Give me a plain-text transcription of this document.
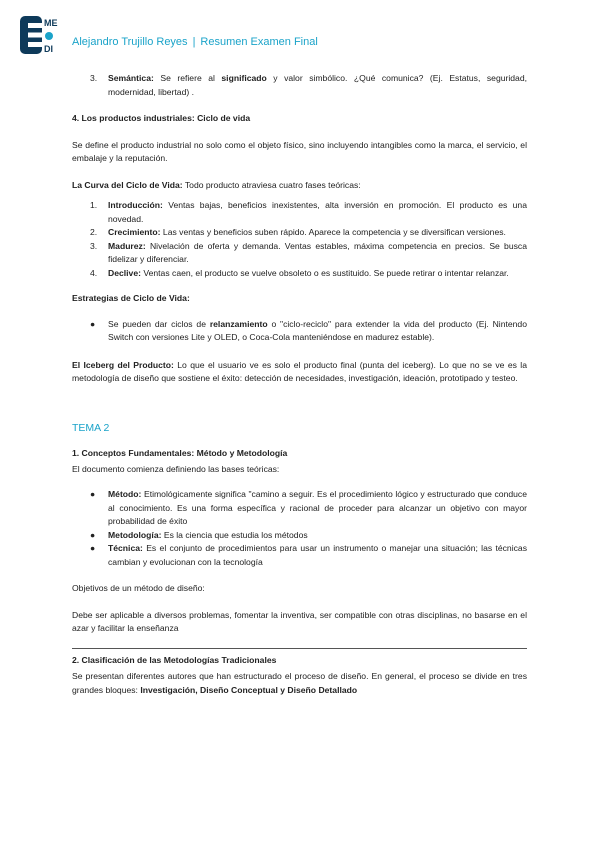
ME
DI
Alejandro Trujillo Reyes | Resumen Examen Final
3.	Semántica: Se refiere al significado y valor simbólico. ¿Qué comunica? (Ej. Estatus, seguridad, modernidad, libertad) .

4. Los productos industriales: Ciclo de vida

Se define el producto industrial no solo como el objeto físico, sino incluyendo intangibles como la marca, el servicio, el embalaje y la reputación.

La Curva del Ciclo de Vida: Todo producto atraviesa cuatro fases teóricas:

1.	Introducción: Ventas bajas, beneficios inexistentes, alta inversión en promoción. El producto es una novedad.
2.	Crecimiento: Las ventas y beneficios suben rápido. Aparece la competencia y se diversifican versiones.
3.	Madurez: Nivelación de oferta y demanda. Ventas estables, máxima competencia en precios. Se busca fidelizar y diferenciar.
4.	Declive: Ventas caen, el producto se vuelve obsoleto o es sustituido. Se puede retirar o intentar relanzar.

Estrategias de Ciclo de Vida:

●	Se pueden dar ciclos de relanzamiento o "ciclo-reciclo" para extender la vida del producto (Ej. Nintendo Switch con versiones Lite y OLED, o Coca-Cola manteniéndose en madurez estable).

El Iceberg del Producto: Lo que el usuario ve es solo el producto final (punta del iceberg). Lo que no se ve es la metodología de diseño que sostiene el éxito: detección de necesidades, investigación, ideación, prototipado y testeo.

TEMA 2

1. Conceptos Fundamentales: Método y Metodología

El documento comienza definiendo las bases teóricas:

●	Método: Etimológicamente significa "camino a seguir. Es el procedimiento lógico y estructurado que conduce al conocimiento. Es una forma específica y racional de proceder para alcanzar un objetivo con mayor probabilidad de éxito
●	Metodología: Es la ciencia que estudia los métodos
●	Técnica: Es el conjunto de procedimientos para usar un instrumento o manejar una situación; las técnicas cambian y evolucionan con la tecnología

Objetivos de un método de diseño:

Debe ser aplicable a diversos problemas, fomentar la inventiva, ser compatible con otras disciplinas, no basarse en el azar y facilitar la enseñanza

2. Clasificación de las Metodologías Tradicionales

Se presentan diferentes autores que han estructurado el proceso de diseño. En general, el proceso se divide en tres grandes bloques: Investigación, Diseño Conceptual y Diseño Detallado
